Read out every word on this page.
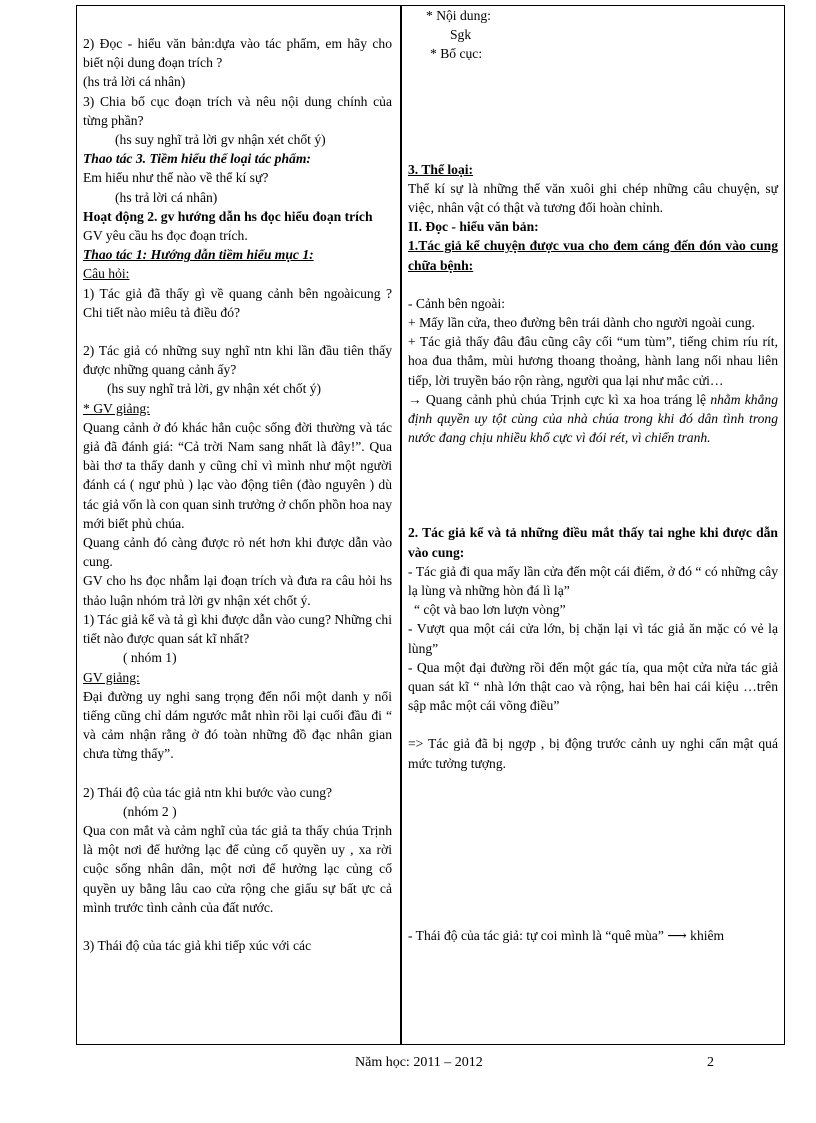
2) Đọc - hiểu văn bản:dựa vào tác phẩm, em hãy cho biết nội dung đoạn trích ?

(hs trả lời cá nhân)

3) Chia bố cục đoạn trích và nêu nội dung chính của từng phần?

(hs suy nghĩ trả lời gv nhận xét chốt ý)

Thao tác 3. Tiềm hiểu thể loại tác phẩm:

Em hiểu như thế nào về thể kí sự?

(hs trả lời cá nhân)

Hoạt động 2. gv hướng dẫn hs đọc hiểu đoạn trích

GV yêu cầu hs đọc đoạn trích.

Thao tác 1: Hướng dẫn tiềm hiểu mục 1:

Câu hỏi:

1) Tác giả đã thấy gì về quang cảnh bên ngoàicung ? Chi tiết nào miêu tả điều đó?

2) Tác giả có những suy nghĩ ntn khi lần đầu tiên thấy được những quang cảnh ấy?

(hs suy nghĩ trả lời, gv nhận xét chốt ý)

* GV giảng:

Quang cảnh ở đó khác hẳn cuộc sống đời thường và tác giả đã đánh giá: “Cả trời Nam sang nhất là đây!”. Qua bài thơ ta thấy danh y cũng chỉ vì mình như một người đánh cá ( ngư phủ ) lạc vào động tiên (đào nguyên ) dù tác giả vốn là con quan sinh trưởng ở chốn phồn hoa nay mới biết phủ chúa.

Quang cảnh đó càng được rỏ nét hơn khi được dẫn vào cung.

GV cho hs đọc nhẫm lại đoạn trích và đưa ra câu hỏi hs thảo luận nhóm trả lời gv nhận xét chốt ý.

1) Tác giả kể và tả gì khi được dẫn vào cung? Những chi tiết nào được quan sát kĩ nhất?

( nhóm 1)

GV giảng:

Đại đường uy nghi sang trọng đến nổi một danh y nổi tiếng cũng chỉ dám ngước mắt nhìn rồi lại cuối đầu đi “ và cảm nhận rằng ở đó toàn những đồ đạc nhân gian chưa từng thấy”.

2) Thái độ của tác giả ntn khi bước vào cung?

(nhóm 2 )

Qua con mắt và cảm nghĩ của tác giả ta thấy chúa Trịnh là một nơi để hưởng lạc để củng cố quyền uy , xa rời cuộc sống nhân dân, một nơi để hưởng lạc củng cố quyền uy bằng lâu cao cửa rộng che giấu sự bất ực cả mình trước tình cảnh của đất nước.

3) Thái độ của tác giả khi tiếp xúc với các

* Nội dung:

Sgk

* Bố cục:

3. Thể loại:

Thể kí sự là những thể văn xuôi ghi chép những câu chuyện, sự việc, nhân vật có thật và tương đối hoàn chỉnh.

II. Đọc - hiểu văn bản:

1.Tác giả kể chuyện được vua cho đem cáng đến đón vào cung chữa bệnh:

- Cảnh bên ngoài:

+ Mấy lần cửa, theo đường bên trái dành cho người ngoài cung.

+ Tác giả thấy đâu đâu cũng cây cối “um tùm”, tiếng chim ríu rít, hoa đua thắm, mùi hương thoang thoảng, hành lang nối nhau liên tiếp, lời truyền báo rộn ràng, người qua lại như mắc cửi…

→ Quang cảnh phủ chúa Trịnh cực kì xa hoa tráng lệ nhằm khẳng định quyền uy tột cùng của nhà chúa trong khi đó dân tình trong nước đang chịu nhiều khổ cực vì đói rét, vì chiến tranh.

2. Tác giả kể và tả những điều mắt thấy tai nghe khi được dẫn vào cung:

- Tác giả đi qua mấy lần cửa đến một cái điếm, ở đó “ có những cây lạ lùng và những hòn đá lì lạ”

“ cột và bao lơn lượn vòng”

- Vượt qua một cái cửa lớn, bị chặn lại vì tác giả ăn mặc có vẻ lạ lùng”

- Qua một đại đường rồi đến một gác tía, qua một cửa nửa tác giả quan sát kĩ “ nhà lớn thật cao và rộng, hai bên hai cái kiệu …trên sập mắc một cái võng điều”

=> Tác giả đã bị ngợp , bị động trước cảnh uy nghi cẩn mật quá mức tưởng tượng.

- Thái độ của tác giả: tự coi mình là “quê mùa” ⟶ khiêm

Năm học: 2011 – 2012	2
